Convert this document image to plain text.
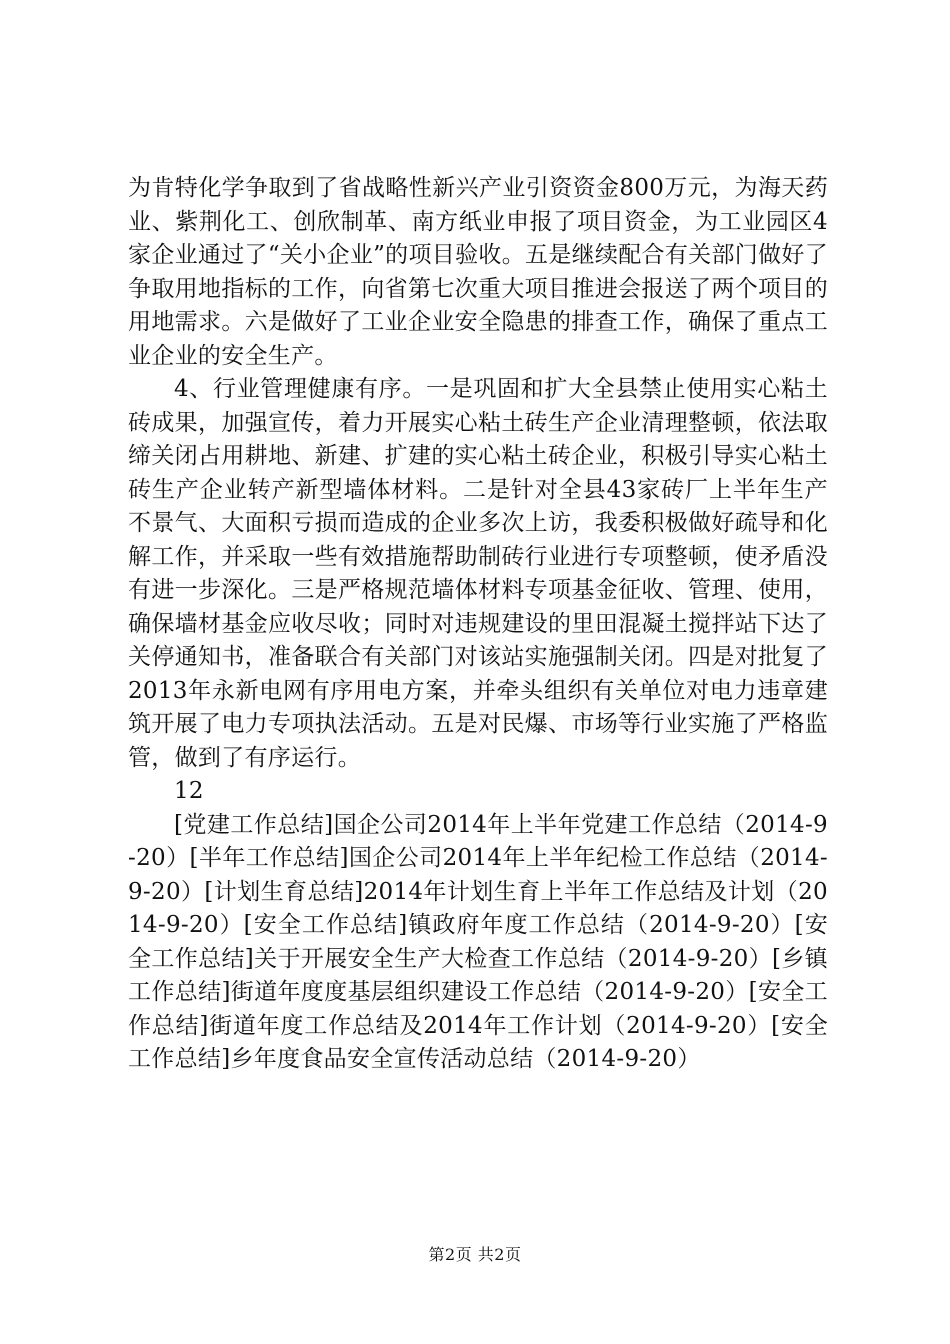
为肯特化学争取到了省战略性新兴产业引资资金800万元，为海天药业、紫荆化工、创欣制革、南方纸业申报了项目资金，为工业园区4家企业通过了“关小企业”的项目验收。五是继续配合有关部门做好了争取用地指标的工作，向省第七次重大项目推进会报送了两个项目的用地需求。六是做好了工业企业安全隐患的排查工作，确保了重点工业企业的安全生产。

4、行业管理健康有序。一是巩固和扩大全县禁止使用实心粘土砖成果，加强宣传，着力开展实心粘土砖生产企业清理整顿，依法取缔关闭占用耕地、新建、扩建的实心粘土砖企业，积极引导实心粘土砖生产企业转产新型墙体材料。二是针对全县43家砖厂上半年生产不景气、大面积亏损而造成的企业多次上访，我委积极做好疏导和化解工作，并采取一些有效措施帮助制砖行业进行专项整顿，使矛盾没有进一步深化。三是严格规范墙体材料专项基金征收、管理、使用，确保墙材基金应收尽收；同时对违规建设的里田混凝土搅拌站下达了关停通知书，准备联合有关部门对该站实施强制关闭。四是对批复了2013年永新电网有序用电方案，并牵头组织有关单位对电力违章建筑开展了电力专项执法活动。五是对民爆、市场等行业实施了严格监管，做到了有序运行。

12

[党建工作总结]国企公司2014年上半年党建工作总结（2014-9-20）[半年工作总结]国企公司2014年上半年纪检工作总结（2014-9-20）[计划生育总结]2014年计划生育上半年工作总结及计划（2014-9-20）[安全工作总结]镇政府年度工作总结（2014-9-20）[安全工作总结]关于开展安全生产大检查工作总结（2014-9-20）[乡镇工作总结]街道年度度基层组织建设工作总结（2014-9-20）[安全工作总结]街道年度工作总结及2014年工作计划（2014-9-20）[安全工作总结]乡年度食品安全宣传活动总结（2014-9-20）

第2页 共2页
